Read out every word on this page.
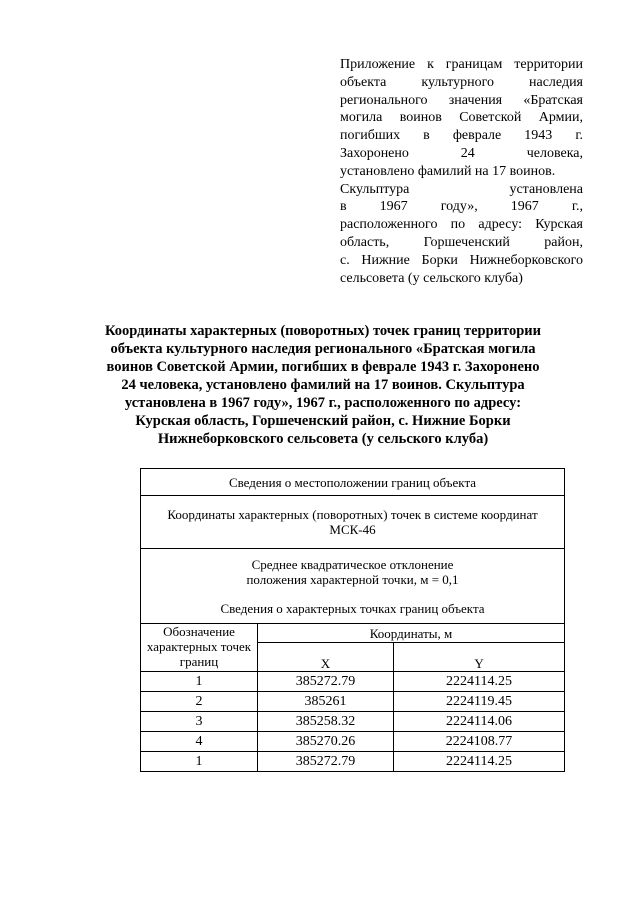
Приложение к границам территории
объекта культурного наследия
регионального значения «Братская
могила воинов Советской Армии,
погибших в феврале 1943 г.
Захоронено 24 человека,
установлено фамилий на 17 воинов.
Скульптура установлена
в 1967 году», 1967 г.,
расположенного по адресу: Курская
область, Горшеченский район,
с. Нижние Борки Нижнеборковского
сельсовета (у сельского клуба)
Координаты характерных (поворотных) точек границ территории
объекта культурного наследия регионального «Братская могила
воинов Советской Армии, погибших в феврале 1943 г. Захоронено
24 человека, установлено фамилий на 17 воинов. Скульптура
установлена в 1967 году», 1967 г., расположенного по адресу:
Курская область, Горшеченский район, с. Нижние Борки
Нижнеборковского сельсовета (у сельского клуба)
Сведения о местоположении границ объекта		

Координаты характерных (поворотных) точек в системе координат
МСК-46		

Среднее квадратическое отклонение
положения характерной точки, м = 0,1
Сведения о характерных точках границ объекта		

Обозначение
характерных точек
границ	Координаты, м	
	X	Y
1	385272.79	2224114.25
2	385261	2224119.45
3	385258.32	2224114.06
4	385270.26	2224108.77
1	385272.79	2224114.25
